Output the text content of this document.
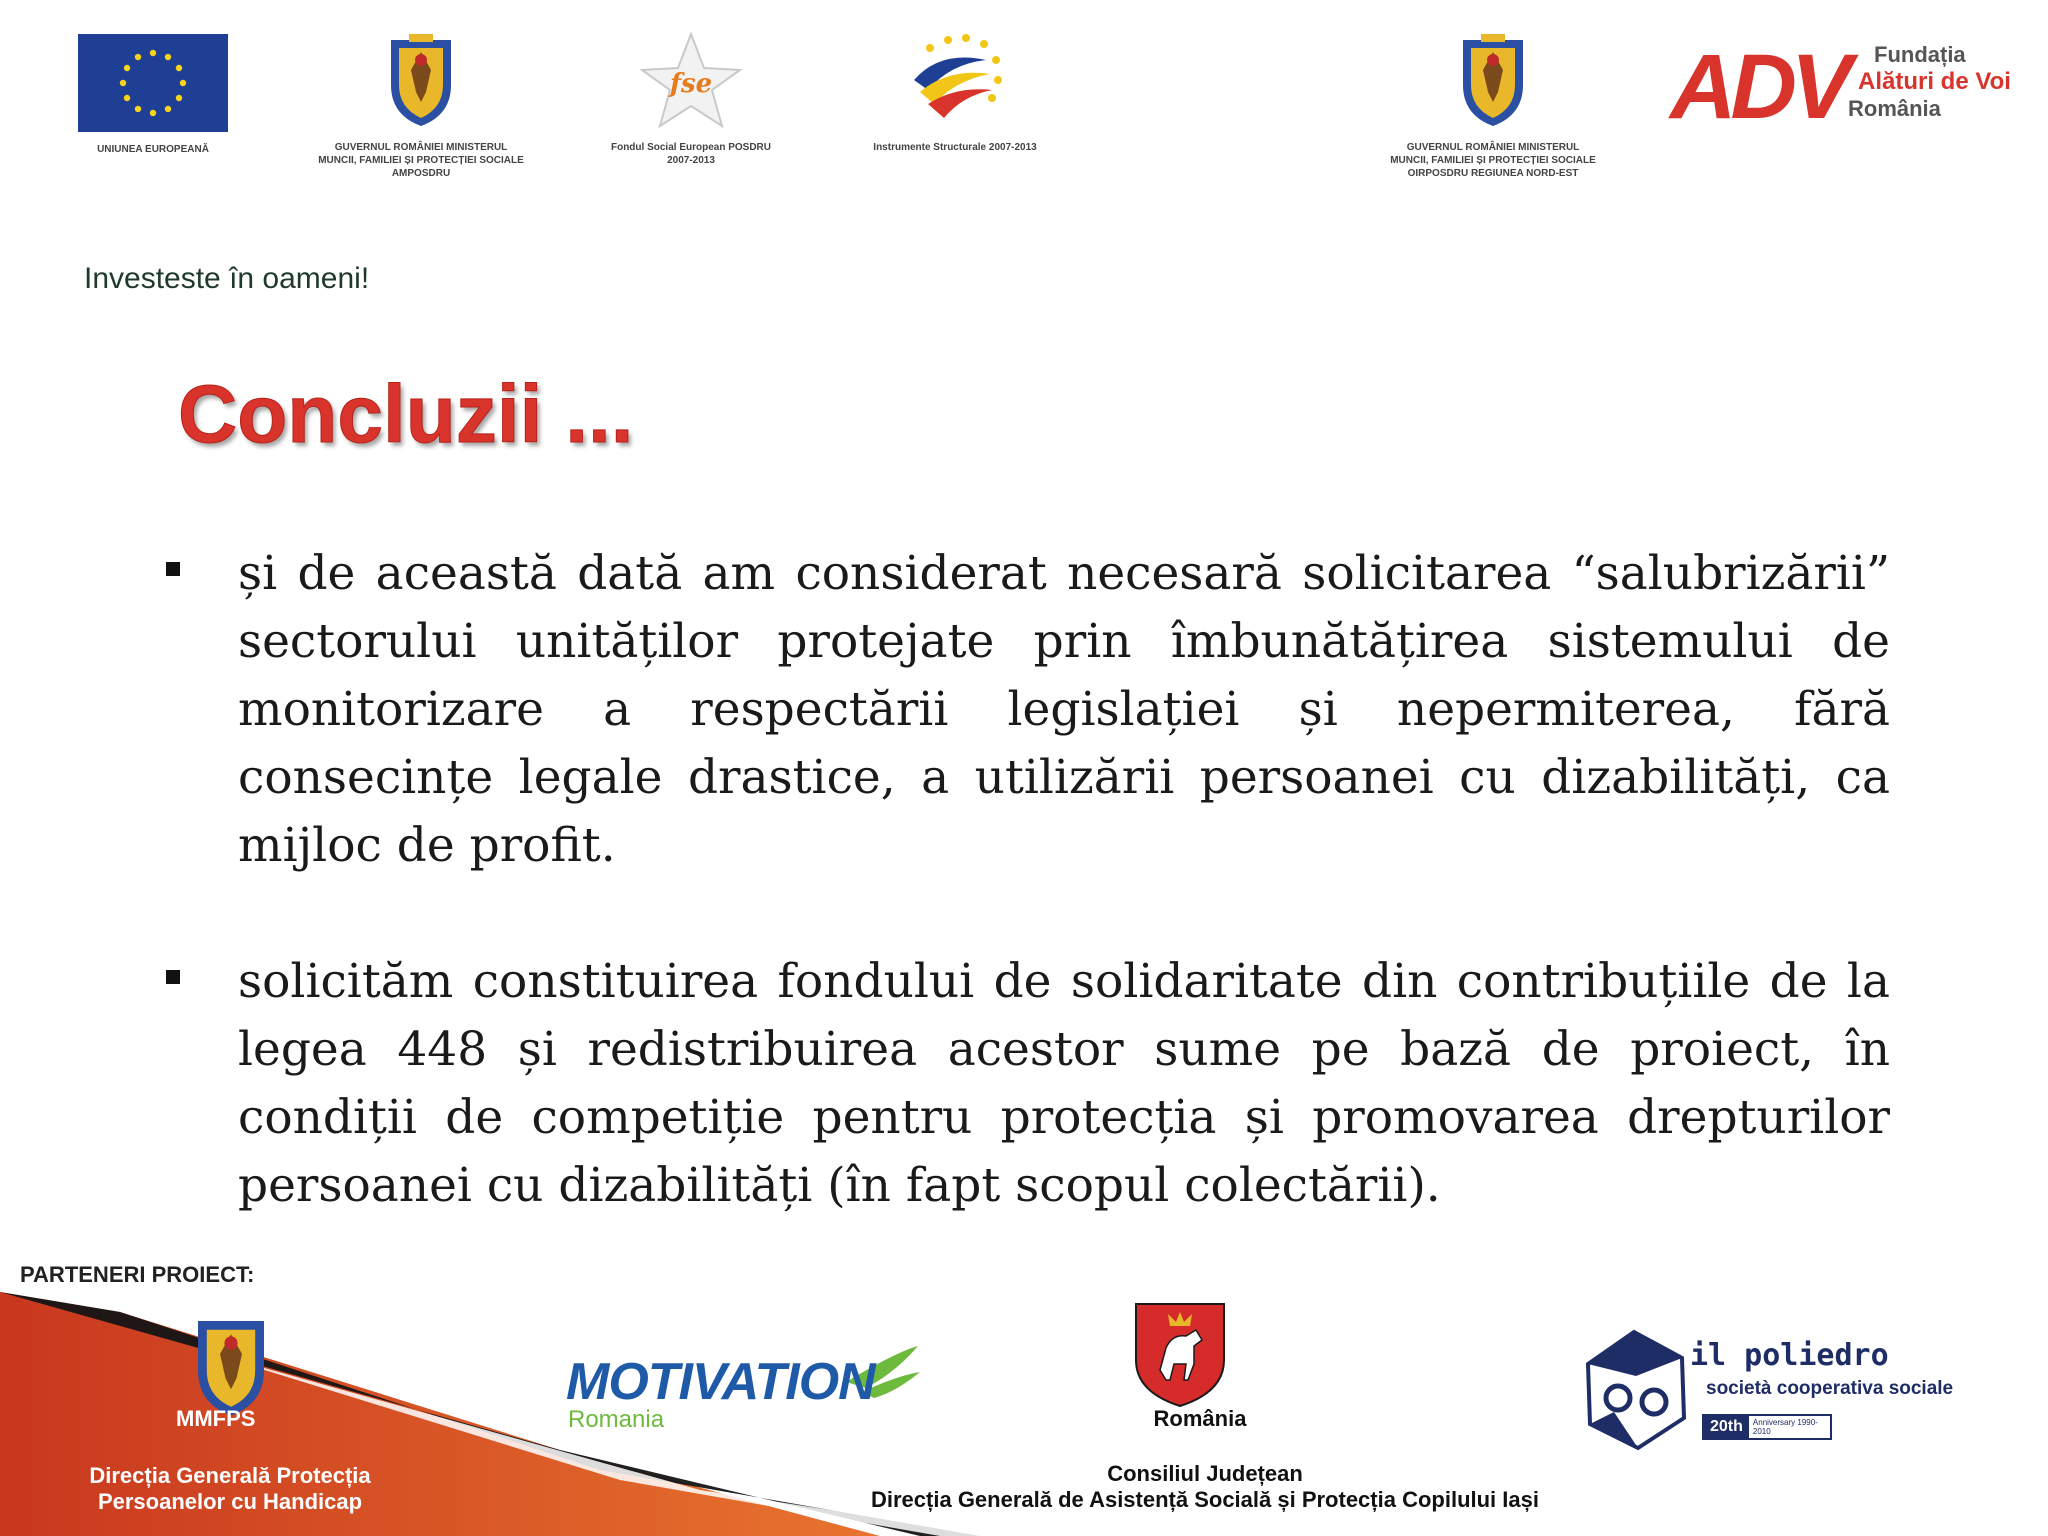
UNIUNEA EUROPEANĂ	GUVERNUL ROMÂNIEI MINISTERUL MUNCII, FAMILIEI ȘI PROTECȚIEI SOCIALE AMPOSDRU
fse
Fondul Social European POSDRU 2007-2013
Instrumente Structurale 2007-2013	GUVERNUL ROMÂNIEI MINISTERUL MUNCII, FAMILIEI ȘI PROTECȚIEI SOCIALE OIRPOSDRU REGIUNEA NORD-EST
ADV	Fundația
Alături de Voi
România
Investeste în oameni!
Concluzii ...
și de această dată am considerat necesară solicitarea “salubrizării” sectorului unităților protejate prin îmbunătățirea sistemului de monitorizare a respectării legislației și nepermiterea, fără consecințe legale drastice, a utilizării persoanei cu dizabilități, ca mijloc de profit.
solicităm constituirea fondului de solidaritate din contribuțiile de la legea 448 și redistribuirea acestor sume pe bază de proiect, în condiții de competiție pentru protecția și promovarea drepturilor persoanei cu dizabilități (în fapt scopul colectării).
PARTENERI PROIECT:
MMFPS
Direcția Generală Protecția
Persoanelor cu Handicap
MOTIVATION
Romania	România
Consiliul Județean
Direcția Generală de Asistență Socială și Protecția Copilului Iași
il poliedro
società cooperativa sociale
20th	Anniversary 1990-2010
